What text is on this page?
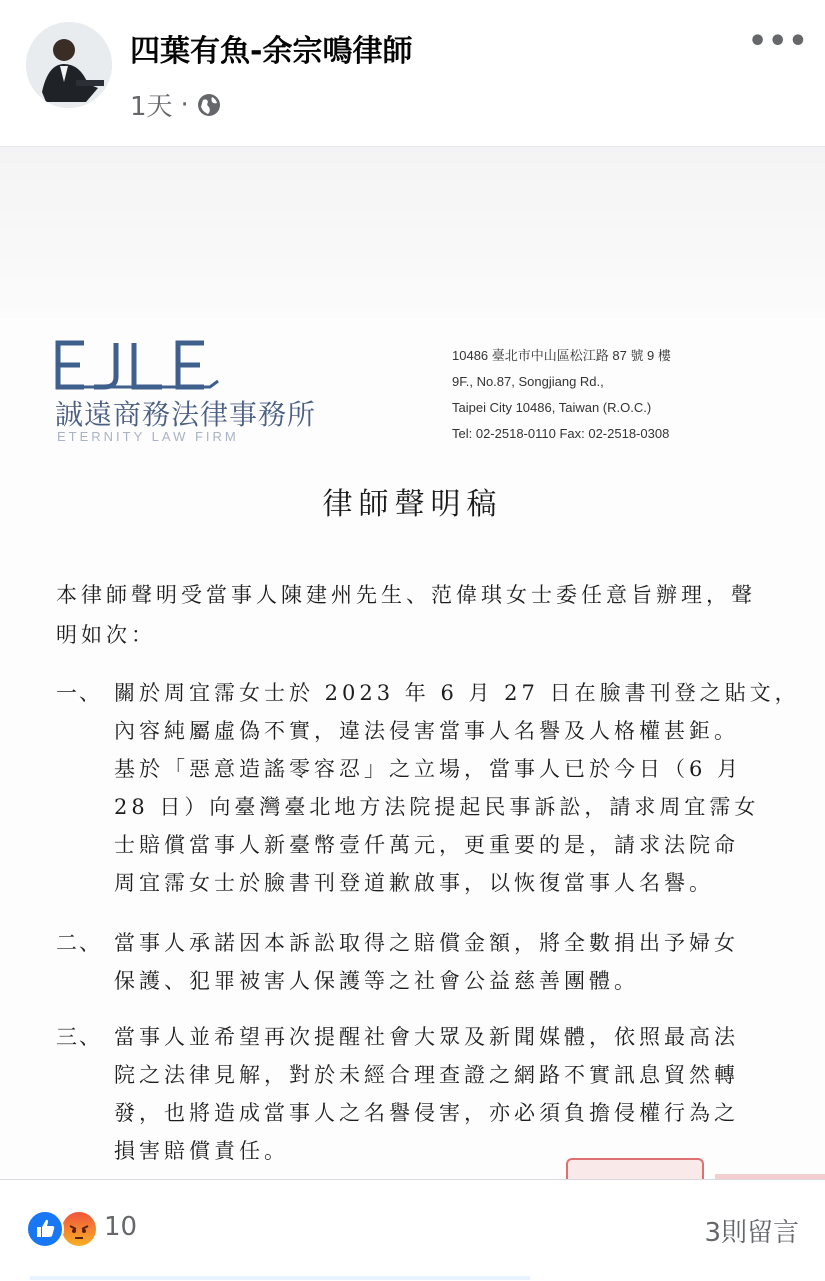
四葉有魚-余宗鳴律師
1天 ·
•••
誠遠商務法律事務所
ETERNITY LAW FIRM
10486 臺北市中山區松江路 87 號 9 樓
9F., No.87, Songjiang Rd.,
Taipei City 10486, Taiwan (R.O.C.)
Tel: 02-2518-0110 Fax: 02-2518-0308
律師聲明稿
本律師聲明受當事人陳建州先生、范偉琪女士委任意旨辦理，聲
明如次：
一、 關於周宜霈女士於 2023 年 6 月 27 日在臉書刊登之貼文，
內容純屬虛偽不實，違法侵害當事人名譽及人格權甚鉅。
基於「惡意造謠零容忍」之立場，當事人已於今日（6 月
28 日）向臺灣臺北地方法院提起民事訴訟，請求周宜霈女
士賠償當事人新臺幣壹仟萬元，更重要的是，請求法院命
周宜霈女士於臉書刊登道歉啟事，以恢復當事人名譽。
二、 當事人承諾因本訴訟取得之賠償金額，將全數捐出予婦女
保護、犯罪被害人保護等之社會公益慈善團體。
三、 當事人並希望再次提醒社會大眾及新聞媒體，依照最高法
院之法律見解，對於未經合理查證之網路不實訊息貿然轉
發，也將造成當事人之名譽侵害，亦必須負擔侵權行為之
損害賠償責任。
10	3則留言
